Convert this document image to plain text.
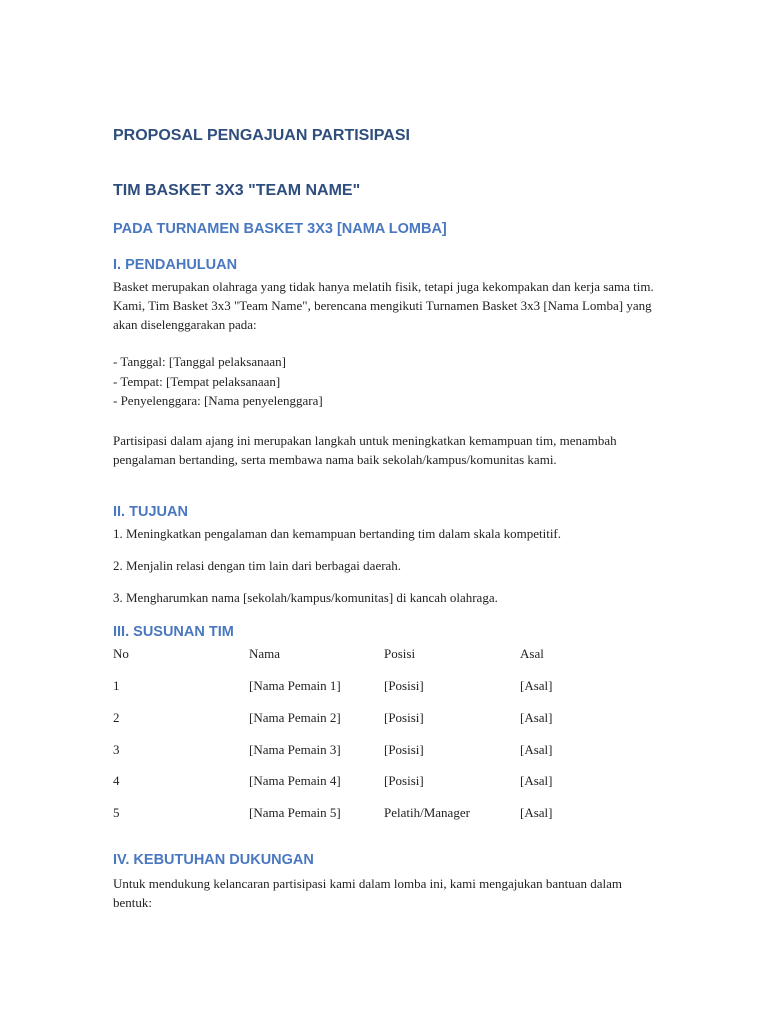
PROPOSAL PENGAJUAN PARTISIPASI
TIM BASKET 3X3 "TEAM NAME"
PADA TURNAMEN BASKET 3X3 [NAMA LOMBA]
I. PENDAHULUAN

Basket merupakan olahraga yang tidak hanya melatih fisik, tetapi juga kekompakan dan kerja sama tim. Kami, Tim Basket 3x3 "Team Name", berencana mengikuti Turnamen Basket 3x3 [Nama Lomba] yang akan diselenggarakan pada:

- Tanggal: [Tanggal pelaksanaan]
- Tempat: [Tempat pelaksanaan]
- Penyelenggara: [Nama penyelenggara]

Partisipasi dalam ajang ini merupakan langkah untuk meningkatkan kemampuan tim, menambah pengalaman bertanding, serta membawa nama baik sekolah/kampus/komunitas kami.

II. TUJUAN
1. Meningkatkan pengalaman dan kemampuan bertanding tim dalam skala kompetitif.
2. Menjalin relasi dengan tim lain dari berbagai daerah.
3. Mengharumkan nama [sekolah/kampus/komunitas] di kancah olahraga.
III. SUSUNAN TIM
No	Nama	Posisi	Asal
1	[Nama Pemain 1]	[Posisi]	[Asal]
2	[Nama Pemain 2]	[Posisi]	[Asal]
3	[Nama Pemain 3]	[Posisi]	[Asal]
4	[Nama Pemain 4]	[Posisi]	[Asal]
5	[Nama Pemain 5]	Pelatih/Manager	[Asal]
IV. KEBUTUHAN DUKUNGAN

Untuk mendukung kelancaran partisipasi kami dalam lomba ini, kami mengajukan bantuan dalam bentuk:
